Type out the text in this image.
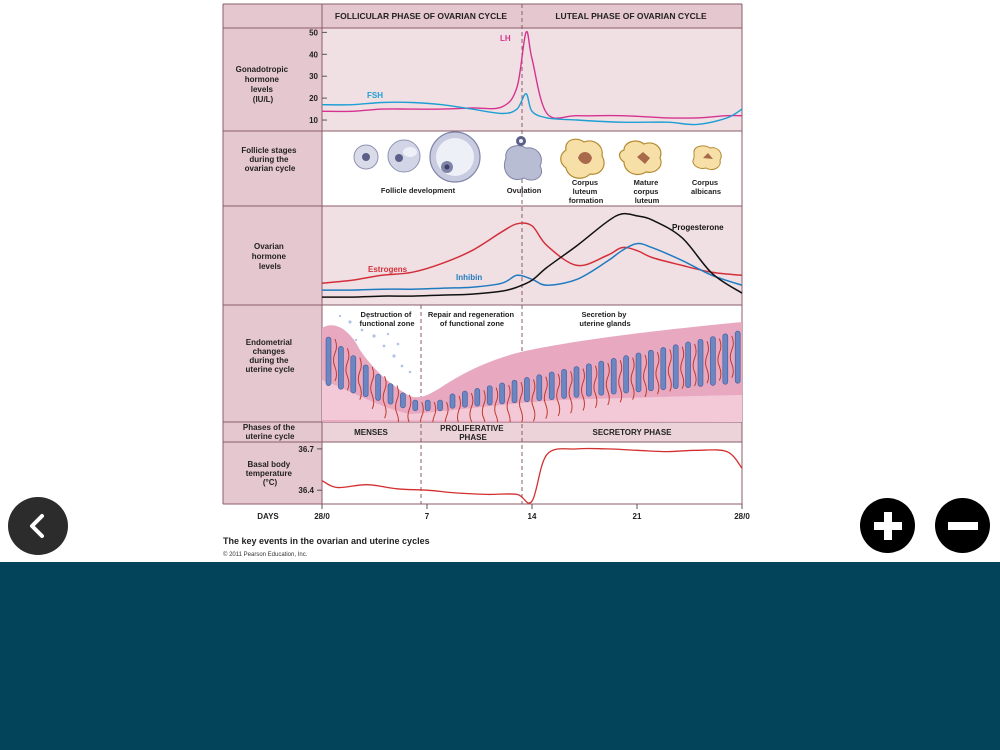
FOLLICULAR PHASE OF OVARIAN CYCLE	LUTEAL PHASE OF OVARIAN CYCLE
Gonadotropic hormone levels (IU/L)
Follicle stages during the ovarian cycle
Ovarian hormone levels
Endometrial changes during the uterine cycle
Phases of the uterine cycle
Basal body temperature (°C)
10
20
30
40
50
LH
FSH
Follicle development	Ovulation
Corpus luteum formation
Mature corpus luteum
Corpus albicans
Estrogens
Inhibin
Progesterone
Destruction of functional zone
Repair and regeneration of functional zone
Secretion by uterine glands
MENSES	PROLIFERATIVE PHASE
SECRETORY PHASE
36.4
36.7
DAYS	28/0	7	14	21	28/0
The key events in the ovarian and uterine cycles
© 2011 Pearson Education, Inc.
